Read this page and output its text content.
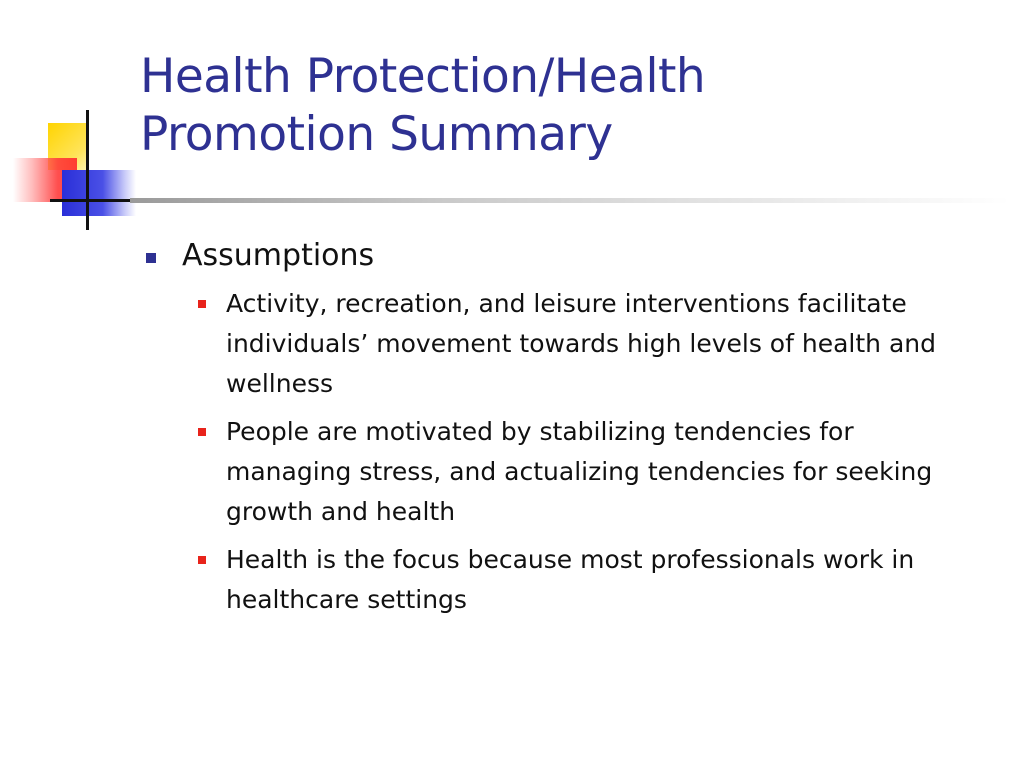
Health Protection/Health
Promotion Summary
Assumptions
Activity, recreation, and leisure interventions facilitate individuals’ movement towards high levels of health and wellness
People are motivated by stabilizing tendencies for managing stress, and actualizing tendencies for seeking growth and health
Health is the focus because most professionals work in healthcare settings
